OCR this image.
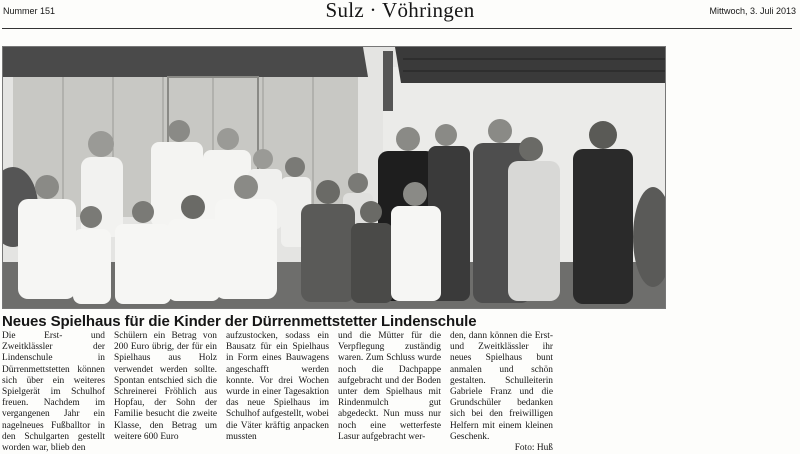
Nummer 151	Sulz · Vöhringen	Mittwoch, 3. Juli 2013
Neues Spielhaus für die Kinder der Dürrenmettstetter Lindenschule

Die Erst- und Zweitklässler der Lindenschule in Dürrenmettstetten können sich über ein weiteres Spielgerät im Schulhof freuen. Nachdem im vergangenen Jahr ein nagelneues Fußballtor in den Schulgarten gestellt worden war, blieb den

Schülern ein Betrag von 200 Euro übrig, der für ein Spielhaus aus Holz verwendet werden sollte. Spontan entschied sich die Schreinerei Fröhlich aus Hopfau, der Sohn der Familie besucht die zweite Klasse, den Betrag um weitere 600 Euro

aufzustocken, sodass ein Bausatz für ein Spielhaus in Form eines Bauwagens angeschafft werden konnte. Vor drei Wochen wurde in einer Tagesaktion das neue Spielhaus im Schulhof aufgestellt, wobei die Väter kräftig anpacken mussten

und die Mütter für die Verpflegung zuständig waren. Zum Schluss wurde noch die Dachpappe aufgebracht und der Boden unter dem Spielhaus mit Rindenmulch gut abgedeckt. Nun muss nur noch eine wetterfeste Lasur aufgebracht wer-

den, dann können die Erst- und Zweitklässler ihr neues Spielhaus bunt anmalen und schön gestalten. Schulleiterin Gabriele Franz und die Grundschüler bedanken sich bei den freiwilligen Helfern mit einem kleinen Geschenk.

Foto: Huß
